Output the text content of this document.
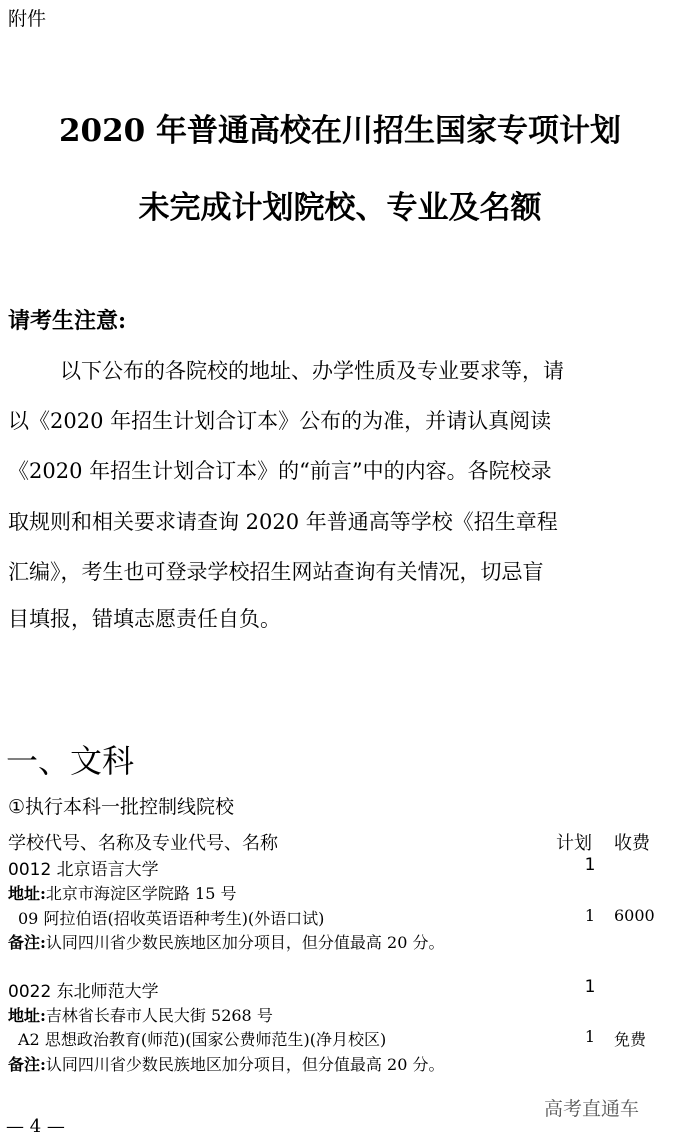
附件
2020 年普通高校在川招生国家专项计划
未完成计划院校、专业及名额
请考生注意:
以下公布的各院校的地址、办学性质及专业要求等，请
以《2020 年招生计划合订本》公布的为准，并请认真阅读
《2020 年招生计划合订本》的“前言”中的内容。各院校录
取规则和相关要求请查询 2020 年普通高等学校《招生章程
汇编》，考生也可登录学校招生网站查询有关情况，切忌盲
目填报，错填志愿责任自负。
一、文科
①执行本科一批控制线院校
学校代号、名称及专业代号、名称	计划 收费
0012 北京语言大学	1
地址:北京市海淀区学院路 15 号
09 阿拉伯语(招收英语语种考生)(外语口试)	1	6000
备注:认同四川省少数民族地区加分项目，但分值最高 20 分。
0022 东北师范大学	1
地址:吉林省长春市人民大街 5268 号
A2 思想政治教育(师范)(国家公费师范生)(净月校区)	1	免费
备注:认同四川省少数民族地区加分项目，但分值最高 20 分。
高考直通车
— 4 —
